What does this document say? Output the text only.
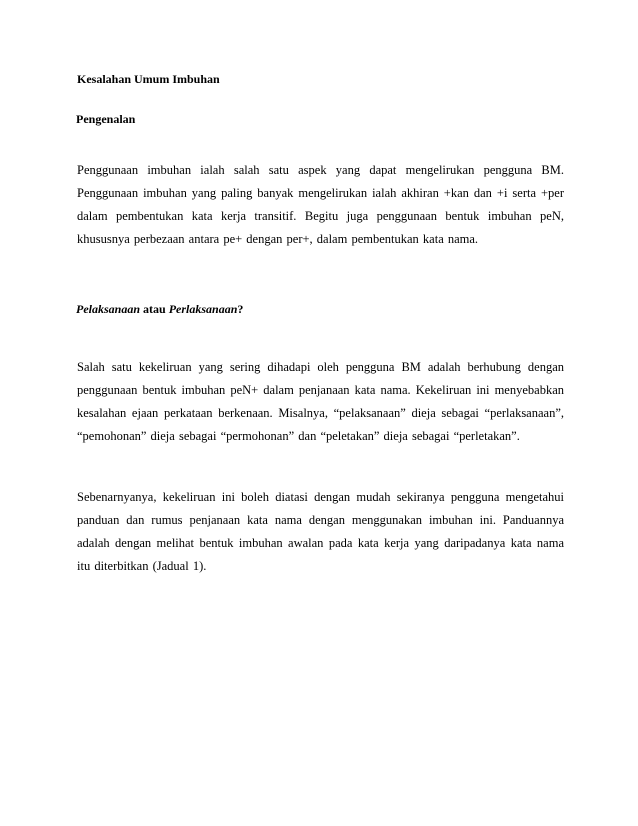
Kesalahan Umum Imbuhan
Pengenalan

Penggunaan imbuhan ialah salah satu aspek yang dapat mengelirukan pengguna BM. Penggunaan imbuhan yang paling banyak mengelirukan ialah akhiran +kan dan +i serta +per dalam pembentukan kata kerja transitif. Begitu juga penggunaan bentuk imbuhan peN, khususnya perbezaan antara pe+ dengan per+, dalam pembentukan kata nama.

Pelaksanaan atau Perlaksanaan?

Salah satu kekeliruan yang sering dihadapi oleh pengguna BM adalah berhubung dengan penggunaan bentuk imbuhan peN+ dalam penjanaan kata nama. Kekeliruan ini menyebabkan kesalahan ejaan perkataan berkenaan. Misalnya, “pelaksanaan” dieja sebagai “perlaksanaan”, “pemohonan” dieja sebagai “permohonan” dan “peletakan” dieja sebagai “perletakan”.

Sebenarnyanya, kekeliruan ini boleh diatasi dengan mudah sekiranya pengguna mengetahui panduan dan rumus penjanaan kata nama dengan menggunakan imbuhan ini. Panduannya adalah dengan melihat bentuk imbuhan awalan pada kata kerja yang daripadanya kata nama itu diterbitkan (Jadual 1).
